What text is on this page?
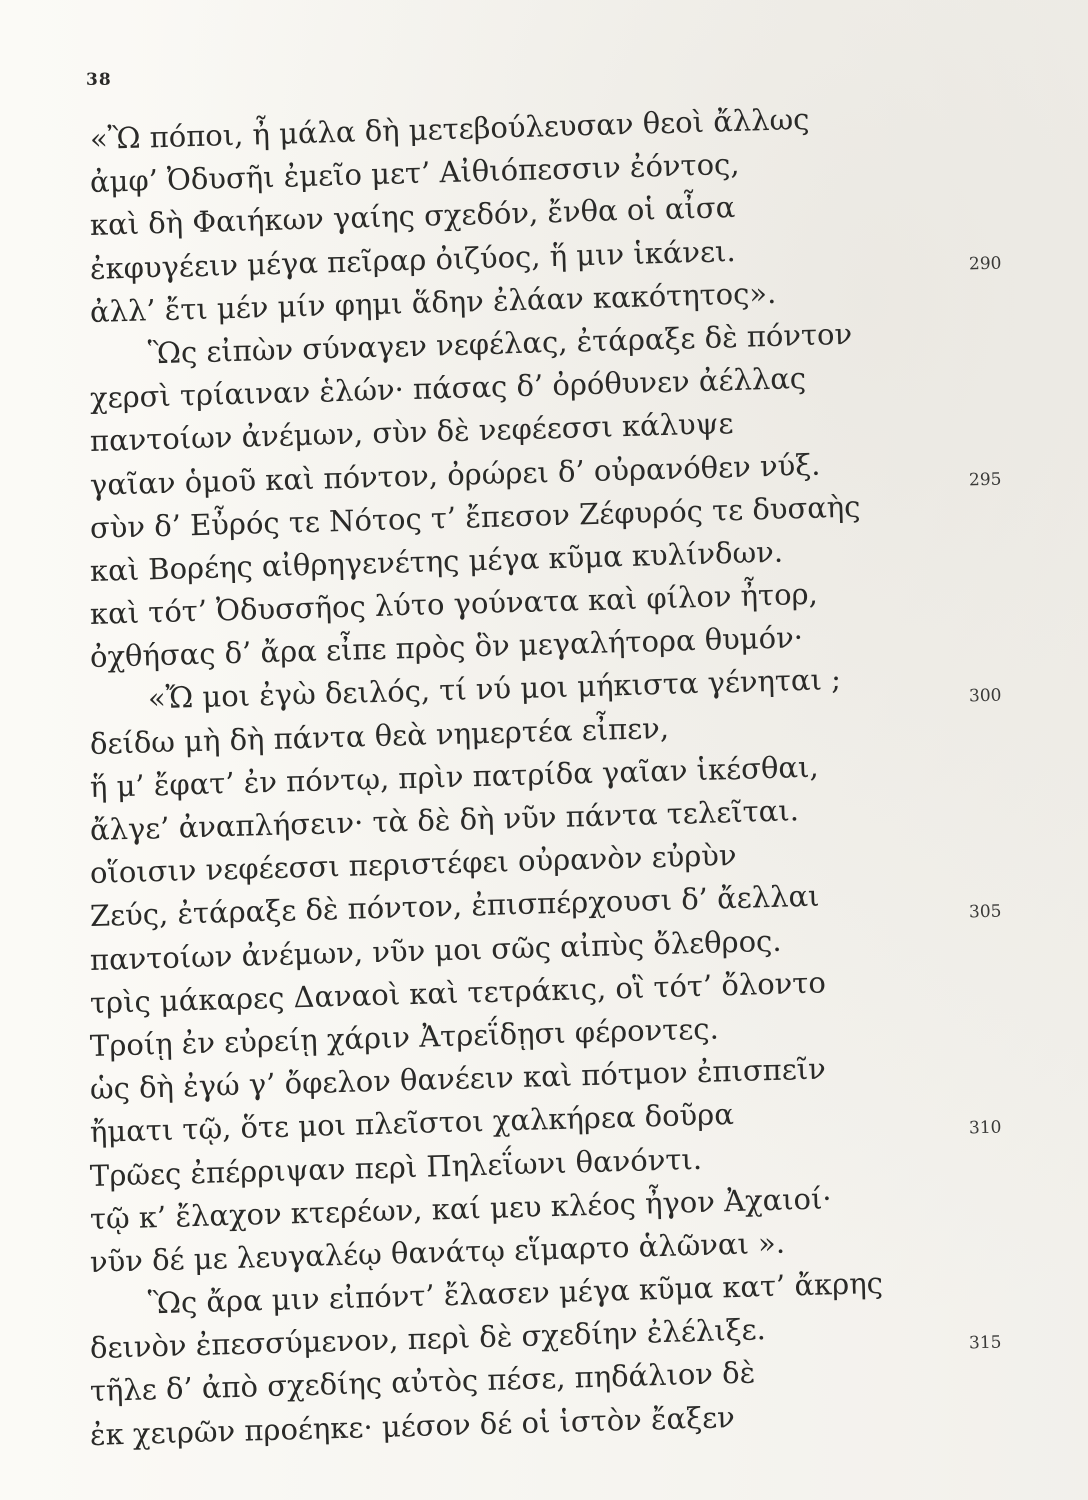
38
«Ὢ πόποι, ἦ μάλα δὴ μετεβούλευσαν θεοὶ ἄλλως
ἀμφ’ Ὀδυσῆι ἐμεῖο μετ’ Αἰθιόπεσσιν ἐόντος,
καὶ δὴ Φαιήκων γαίης σχεδόν, ἔνθα οἱ αἶσα
ἐκφυγέειν μέγα πεῖραρ ὀιζύος, ἥ μιν ἱκάνει.
ἀλλ’ ἔτι μέν μίν φημι ἅδην ἐλάαν κακότητος».
290
Ὣς εἰπὼν σύναγεν νεφέλας, ἐτάραξε δὲ πόντον
χερσὶ τρίαιναν ἑλών· πάσας δ’ ὀρόθυνεν ἀέλλας
παντοίων ἀνέμων, σὺν δὲ νεφέεσσι κάλυψε
γαῖαν ὁμοῦ καὶ πόντον, ὀρώρει δ’ οὐρανόθεν νύξ.
σὺν δ’ Εὖρός τε Νότος τ’ ἔπεσον Ζέφυρός τε δυσαὴς
295
καὶ Βορέης αἰθρηγενέτης μέγα κῦμα κυλίνδων.
καὶ τότ’ Ὀδυσσῆος λύτο γούνατα καὶ φίλον ἦτορ,
ὀχθήσας δ’ ἄρα εἶπε πρὸς ὃν μεγαλήτορα θυμόν·
«Ὤ μοι ἐγὼ δειλός, τί νύ μοι μήκιστα γένηται ;
δείδω μὴ δὴ πάντα θεὰ νημερτέα εἶπεν,
300
ἥ μ’ ἔφατ’ ἐν πόντῳ, πρὶν πατρίδα γαῖαν ἱκέσθαι,
ἄλγε’ ἀναπλήσειν· τὰ δὲ δὴ νῦν πάντα τελεῖται.
οἵοισιν νεφέεσσι περιστέφει οὐρανὸν εὐρὺν
Ζεύς, ἐτάραξε δὲ πόντον, ἐπισπέρχουσι δ’ ἄελλαι
παντοίων ἀνέμων, νῦν μοι σῶς αἰπὺς ὄλεθρος.
305
τρὶς μάκαρες Δαναοὶ καὶ τετράκις, οἳ τότ’ ὄλοντο
Τροίῃ ἐν εὐρείῃ χάριν Ἀτρεΐδῃσι φέροντες.
ὡς δὴ ἐγώ γ’ ὄφελον θανέειν καὶ πότμον ἐπισπεῖν
ἤματι τῷ, ὅτε μοι πλεῖστοι χαλκήρεα δοῦρα
Τρῶες ἐπέρριψαν περὶ Πηλεΐωνι θανόντι.
310
τῷ κ’ ἔλαχον κτερέων, καί μευ κλέος ἦγον Ἀχαιοί·
νῦν δέ με λευγαλέῳ θανάτῳ εἵμαρτο ἁλῶναι ».
Ὣς ἄρα μιν εἰπόντ’ ἔλασεν μέγα κῦμα κατ’ ἄκρης
δεινὸν ἐπεσσύμενον, περὶ δὲ σχεδίην ἐλέλιξε.
τῆλε δ’ ἀπὸ σχεδίης αὐτὸς πέσε, πηδάλιον δὲ
315
ἐκ χειρῶν προέηκε· μέσον δέ οἱ ἱστὸν ἔαξεν
